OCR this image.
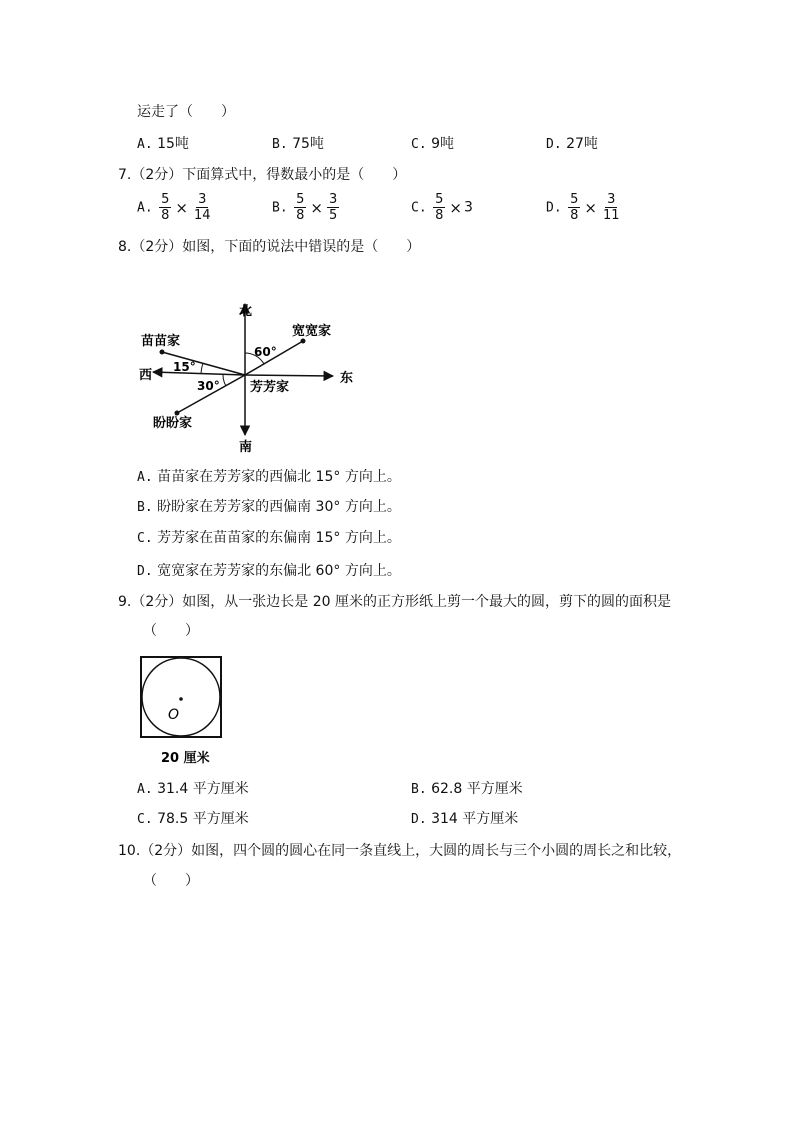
运走了（　　）
A. 15吨	B. 75吨	C. 9吨	D. 27吨
7.（2分）下面算式中，得数最小的是（　　）
A. $\frac{5}{8} \times \frac{3}{14}$	B. $\frac{5}{8} \times \frac{3}{5}$	C. $\frac{5}{8} \times 3$	D. $\frac{5}{8} \times \frac{3}{11}$
8.（2分）如图，下面的说法中错误的是（　　）
北
南
西	东
苗苗家
宽宽家
芳芳家
盼盼家
60°
15°
30°
A. 苗苗家在芳芳家的西偏北 15° 方向上。
B. 盼盼家在芳芳家的西偏南 30° 方向上。
C. 芳芳家在苗苗家的东偏南 15° 方向上。
D. 宽宽家在芳芳家的东偏北 60° 方向上。
9.（2分）如图，从一张边长是 20 厘米的正方形纸上剪一个最大的圆，剪下的圆的面积是
（　　）
O
20 厘米
A. 31.4 平方厘米	B. 62.8 平方厘米
C. 78.5 平方厘米	D. 314 平方厘米
10.（2分）如图，四个圆的圆心在同一条直线上，大圆的周长与三个小圆的周长之和比较，
（　　）
